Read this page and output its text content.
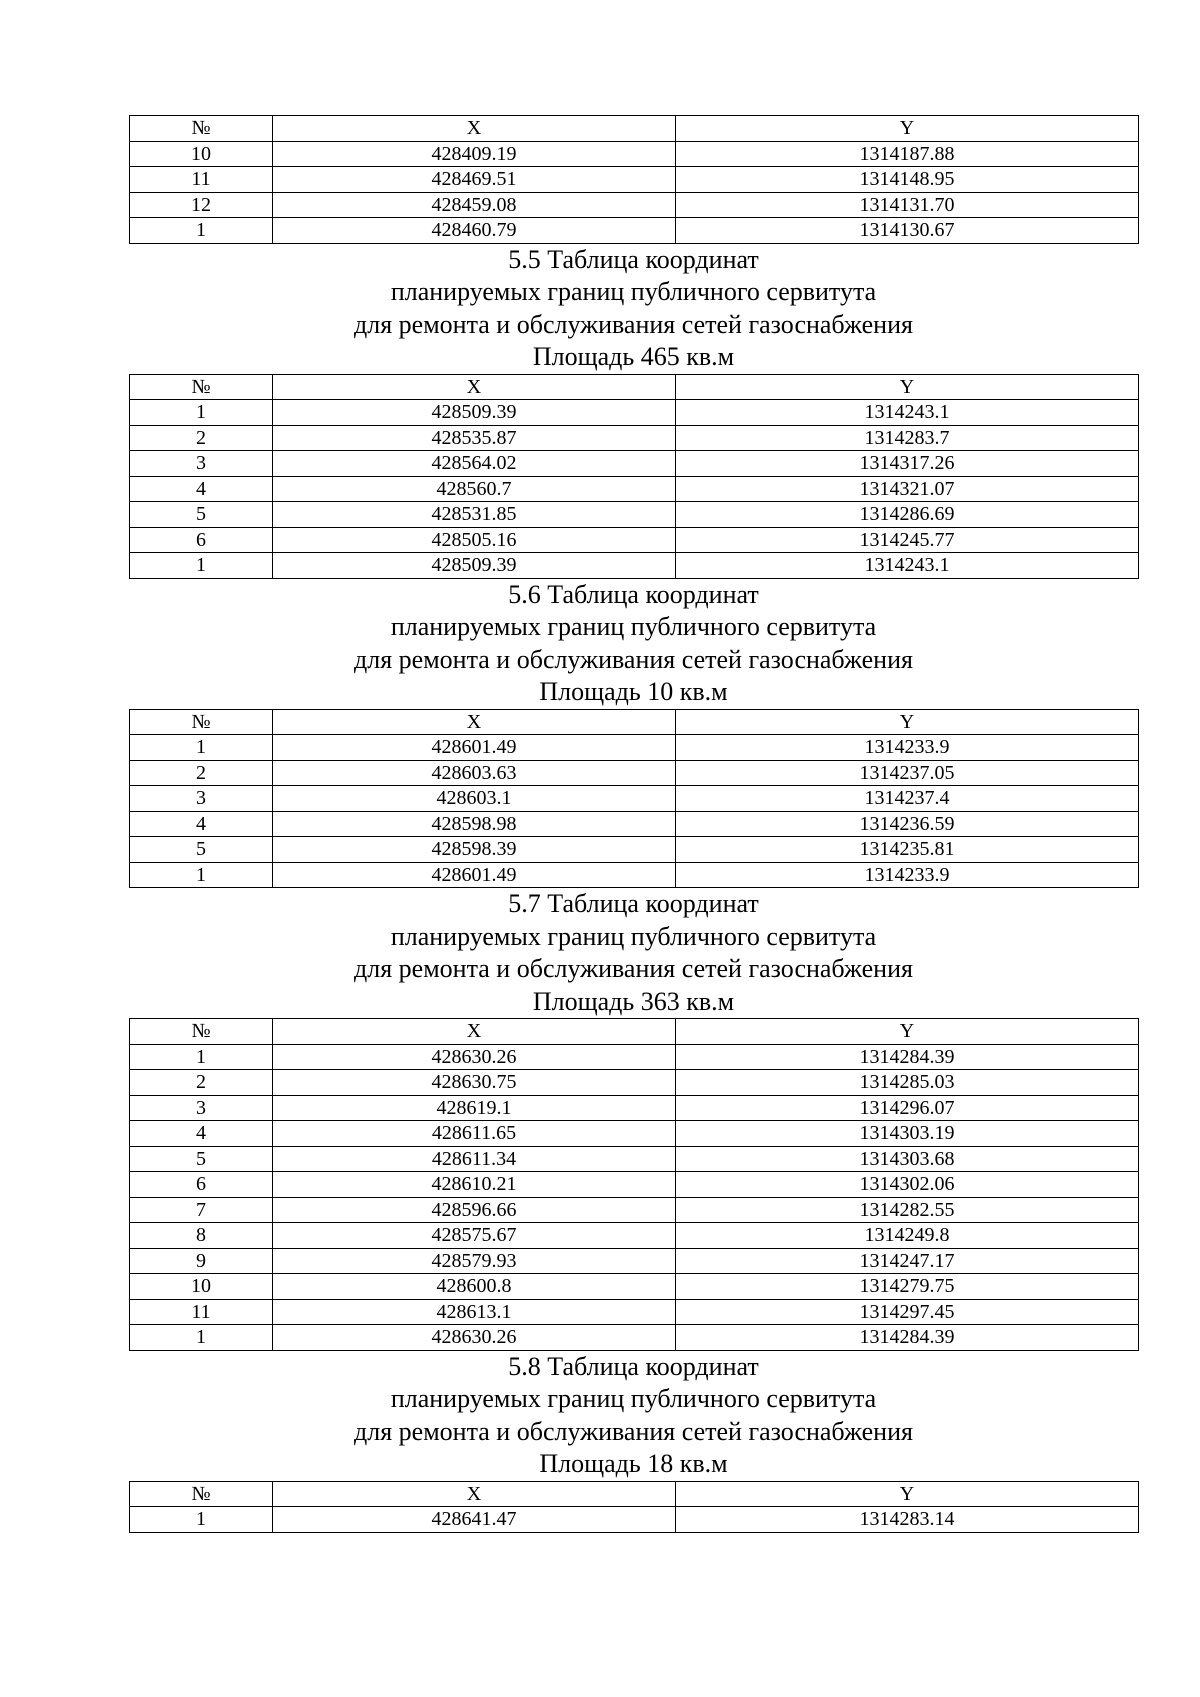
№	X	Y
10	428409.19	1314187.88
11	428469.51	1314148.95
12	428459.08	1314131.70
1	428460.79	1314130.67
5.5 Таблица координат
планируемых границ публичного сервитута
для ремонта и обслуживания сетей газоснабжения
Площадь 465 кв.м
№	X	Y
1	428509.39	1314243.1
2	428535.87	1314283.7
3	428564.02	1314317.26
4	428560.7	1314321.07
5	428531.85	1314286.69
6	428505.16	1314245.77
1	428509.39	1314243.1
5.6 Таблица координат
планируемых границ публичного сервитута
для ремонта и обслуживания сетей газоснабжения
Площадь 10 кв.м
№	X	Y
1	428601.49	1314233.9
2	428603.63	1314237.05
3	428603.1	1314237.4
4	428598.98	1314236.59
5	428598.39	1314235.81
1	428601.49	1314233.9
5.7 Таблица координат
планируемых границ публичного сервитута
для ремонта и обслуживания сетей газоснабжения
Площадь 363 кв.м
№	X	Y
1	428630.26	1314284.39
2	428630.75	1314285.03
3	428619.1	1314296.07
4	428611.65	1314303.19
5	428611.34	1314303.68
6	428610.21	1314302.06
7	428596.66	1314282.55
8	428575.67	1314249.8
9	428579.93	1314247.17
10	428600.8	1314279.75
11	428613.1	1314297.45
1	428630.26	1314284.39
5.8 Таблица координат
планируемых границ публичного сервитута
для ремонта и обслуживания сетей газоснабжения
Площадь 18 кв.м
№	X	Y
1	428641.47	1314283.14
